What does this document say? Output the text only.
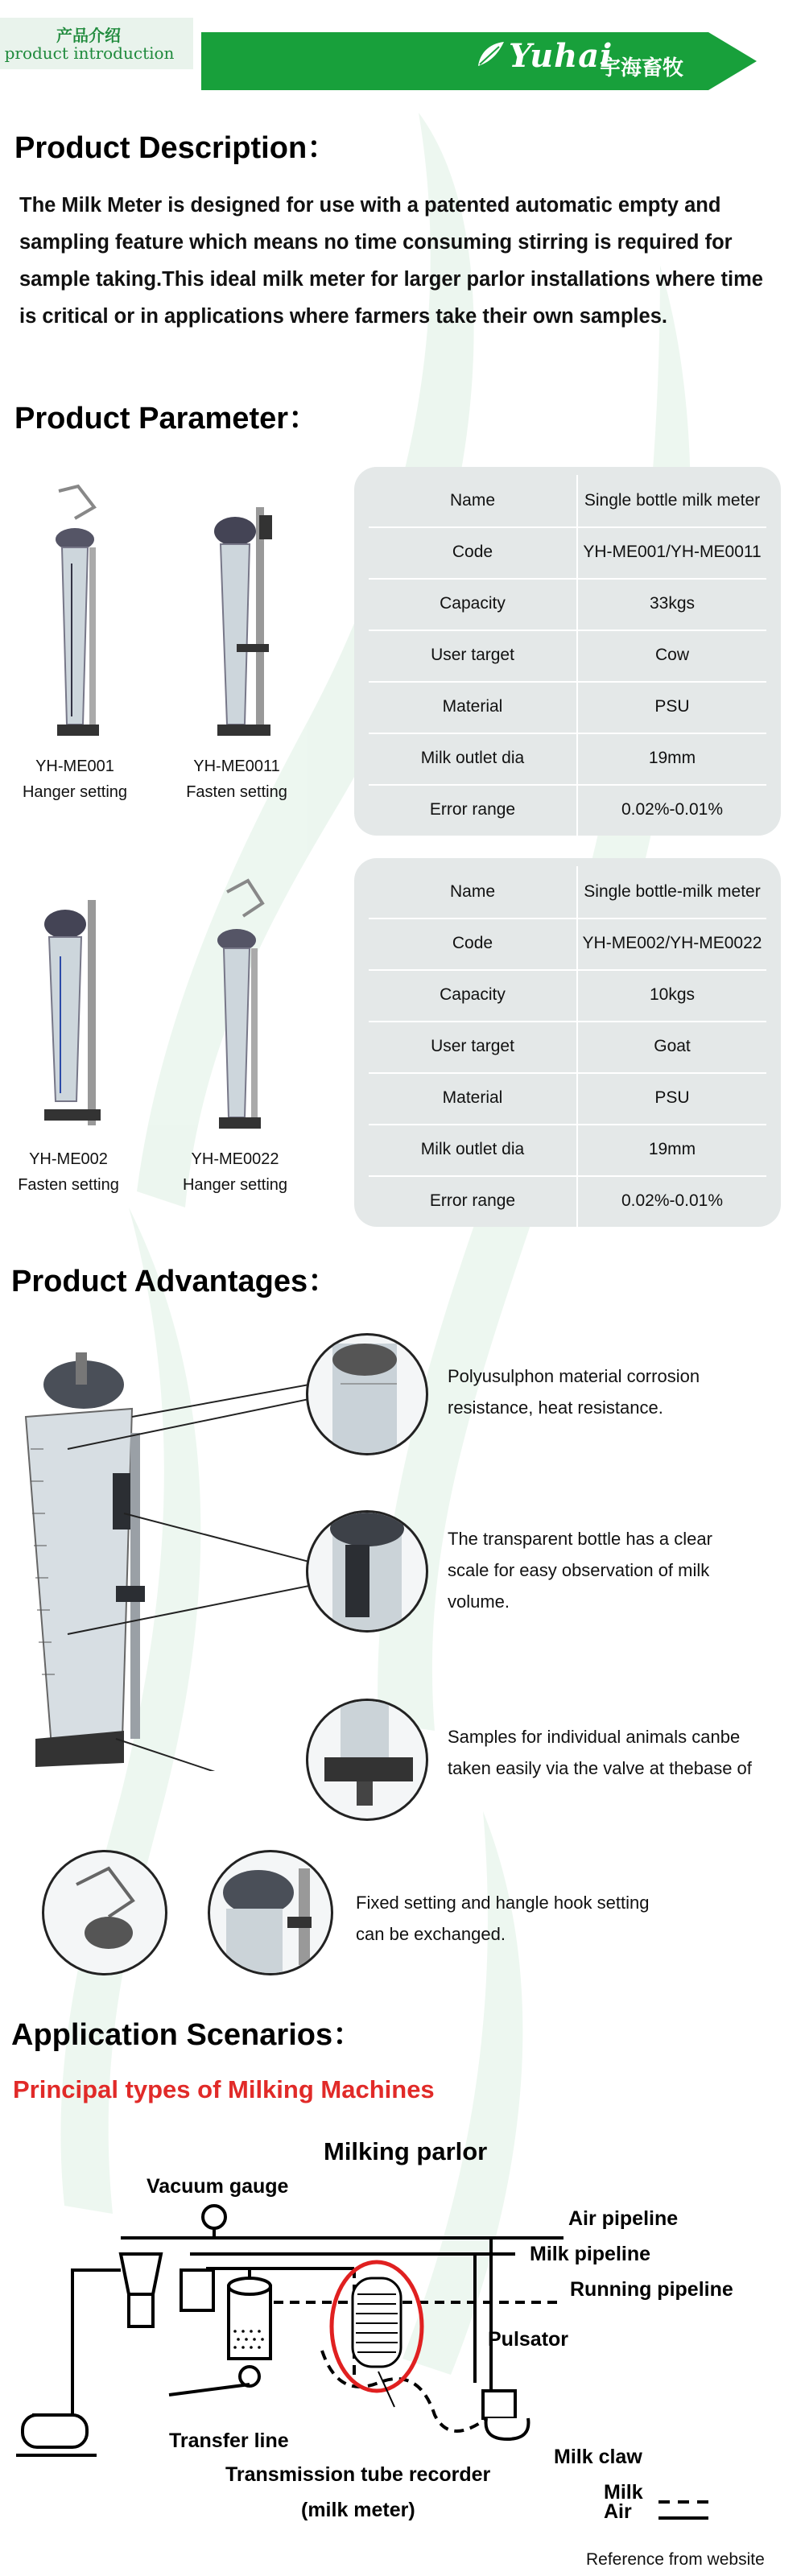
产品介绍
product introduction	Yuhai
宇海畜牧
Product Description：
The Milk Meter is designed for use with a patented automatic empty and sampling feature which means no time consuming stirring is required for sample taking.This ideal milk meter for larger parlor installations where time is critical or in applications where farmers take their own samples.
Product Parameter：
YH-ME001
Hanger setting
YH-ME0011
Fasten setting
Name	Single bottle milk meter
Code	YH-ME001/YH-ME0011
Capacity	33kgs
User target	Cow
Material	PSU
Milk outlet dia	19mm
Error range	0.02%-0.01%
YH-ME002
Fasten setting
YH-ME0022
Hanger setting
Name	Single bottle-milk meter
Code	YH-ME002/YH-ME0022
Capacity	10kgs
User target	Goat
Material	PSU
Milk outlet dia	19mm
Error range	0.02%-0.01%
Product Advantages：
Polyusulphon material corrosion
resistance, heat resistance.
The transparent bottle has a clear
scale for easy observation of milk
volume.
Samples for individual animals canbe
taken easily via the valve at thebase of
Fixed setting and hangle hook setting
can be exchanged.
Application Scenarios：
Principal types of Milking Machines
Milking parlor
Vacuum gauge
Air pipeline
Milk pipeline
Running pipeline
Pulsator
Transfer line
Transmission tube recorder
(milk meter)
Milk claw
Milk
Air
Reference from website
